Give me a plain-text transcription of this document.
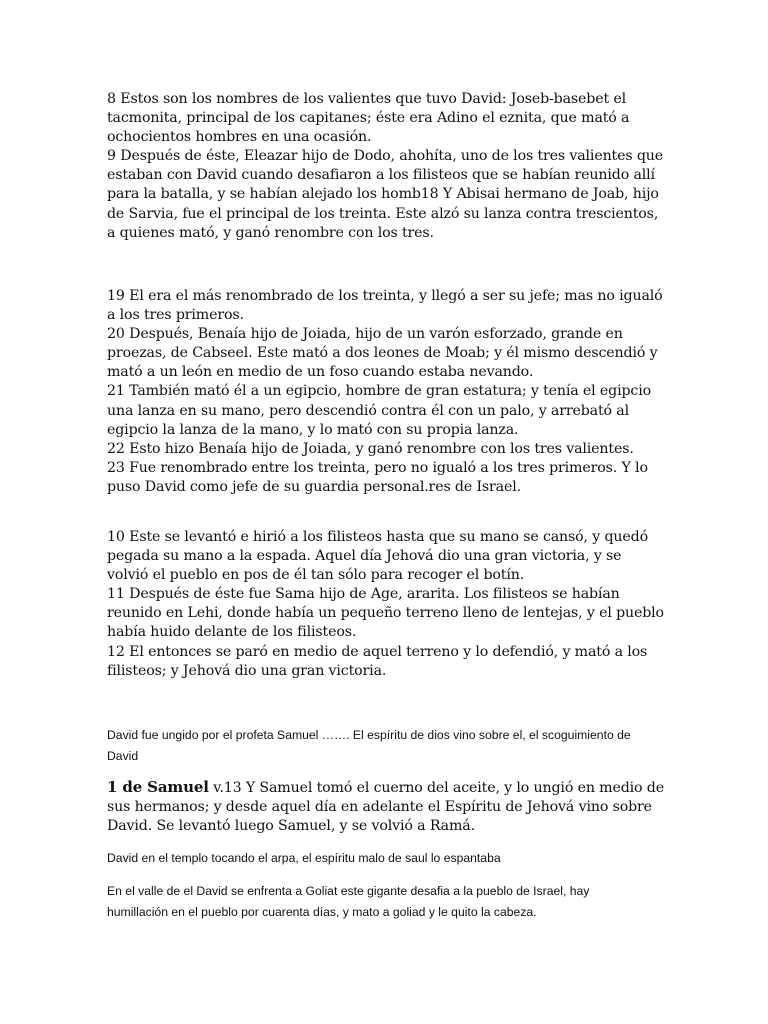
8 Estos son los nombres de los valientes que tuvo David: Joseb-basebet el
tacmonita, principal de los capitanes; éste era Adino el eznita, que mató a
ochocientos hombres en una ocasión.
9 Después de éste, Eleazar hijo de Dodo, ahohíta, uno de los tres valientes que
estaban con David cuando desafiaron a los filisteos que se habían reunido allí
para la batalla, y se habían alejado los homb18 Y Abisai hermano de Joab, hijo
de Sarvia, fue el principal de los treinta. Este alzó su lanza contra trescientos,
a quienes mató, y ganó renombre con los tres.
19 El era el más renombrado de los treinta, y llegó a ser su jefe; mas no igualó
a los tres primeros.
20 Después, Benaía hijo de Joiada, hijo de un varón esforzado, grande en
proezas, de Cabseel. Este mató a dos leones de Moab; y él mismo descendió y
mató a un león en medio de un foso cuando estaba nevando.
21 También mató él a un egipcio, hombre de gran estatura; y tenía el egipcio
una lanza en su mano, pero descendió contra él con un palo, y arrebató al
egipcio la lanza de la mano, y lo mató con su propia lanza.
22 Esto hizo Benaía hijo de Joiada, y ganó renombre con los tres valientes.
23 Fue renombrado entre los treinta, pero no igualó a los tres primeros. Y lo
puso David como jefe de su guardia personal.res de Israel.
10 Este se levantó e hirió a los filisteos hasta que su mano se cansó, y quedó
pegada su mano a la espada. Aquel día Jehová dio una gran victoria, y se
volvió el pueblo en pos de él tan sólo para recoger el botín.
11 Después de éste fue Sama hijo de Age, ararita. Los filisteos se habían
reunido en Lehi, donde había un pequeño terreno lleno de lentejas, y el pueblo
había huido delante de los filisteos.
12 El entonces se paró en medio de aquel terreno y lo defendió, y mató a los
filisteos; y Jehová dio una gran victoria.
David fue ungido por el profeta Samuel ……. El espíritu de dios vino sobre el, el scoguimiento de
David
1 de Samuel v.13 Y Samuel tomó el cuerno del aceite, y lo ungió en medio de
sus hermanos; y desde aquel día en adelante el Espíritu de Jehová vino sobre
David. Se levantó luego Samuel, y se volvió a Ramá.
David en el templo tocando el arpa, el espíritu malo de saul lo espantaba
En el valle de el David se enfrenta a Goliat este gigante desafia a la pueblo de Israel, hay
humillación en el pueblo por cuarenta días, y mato a goliad y le quito la cabeza.
